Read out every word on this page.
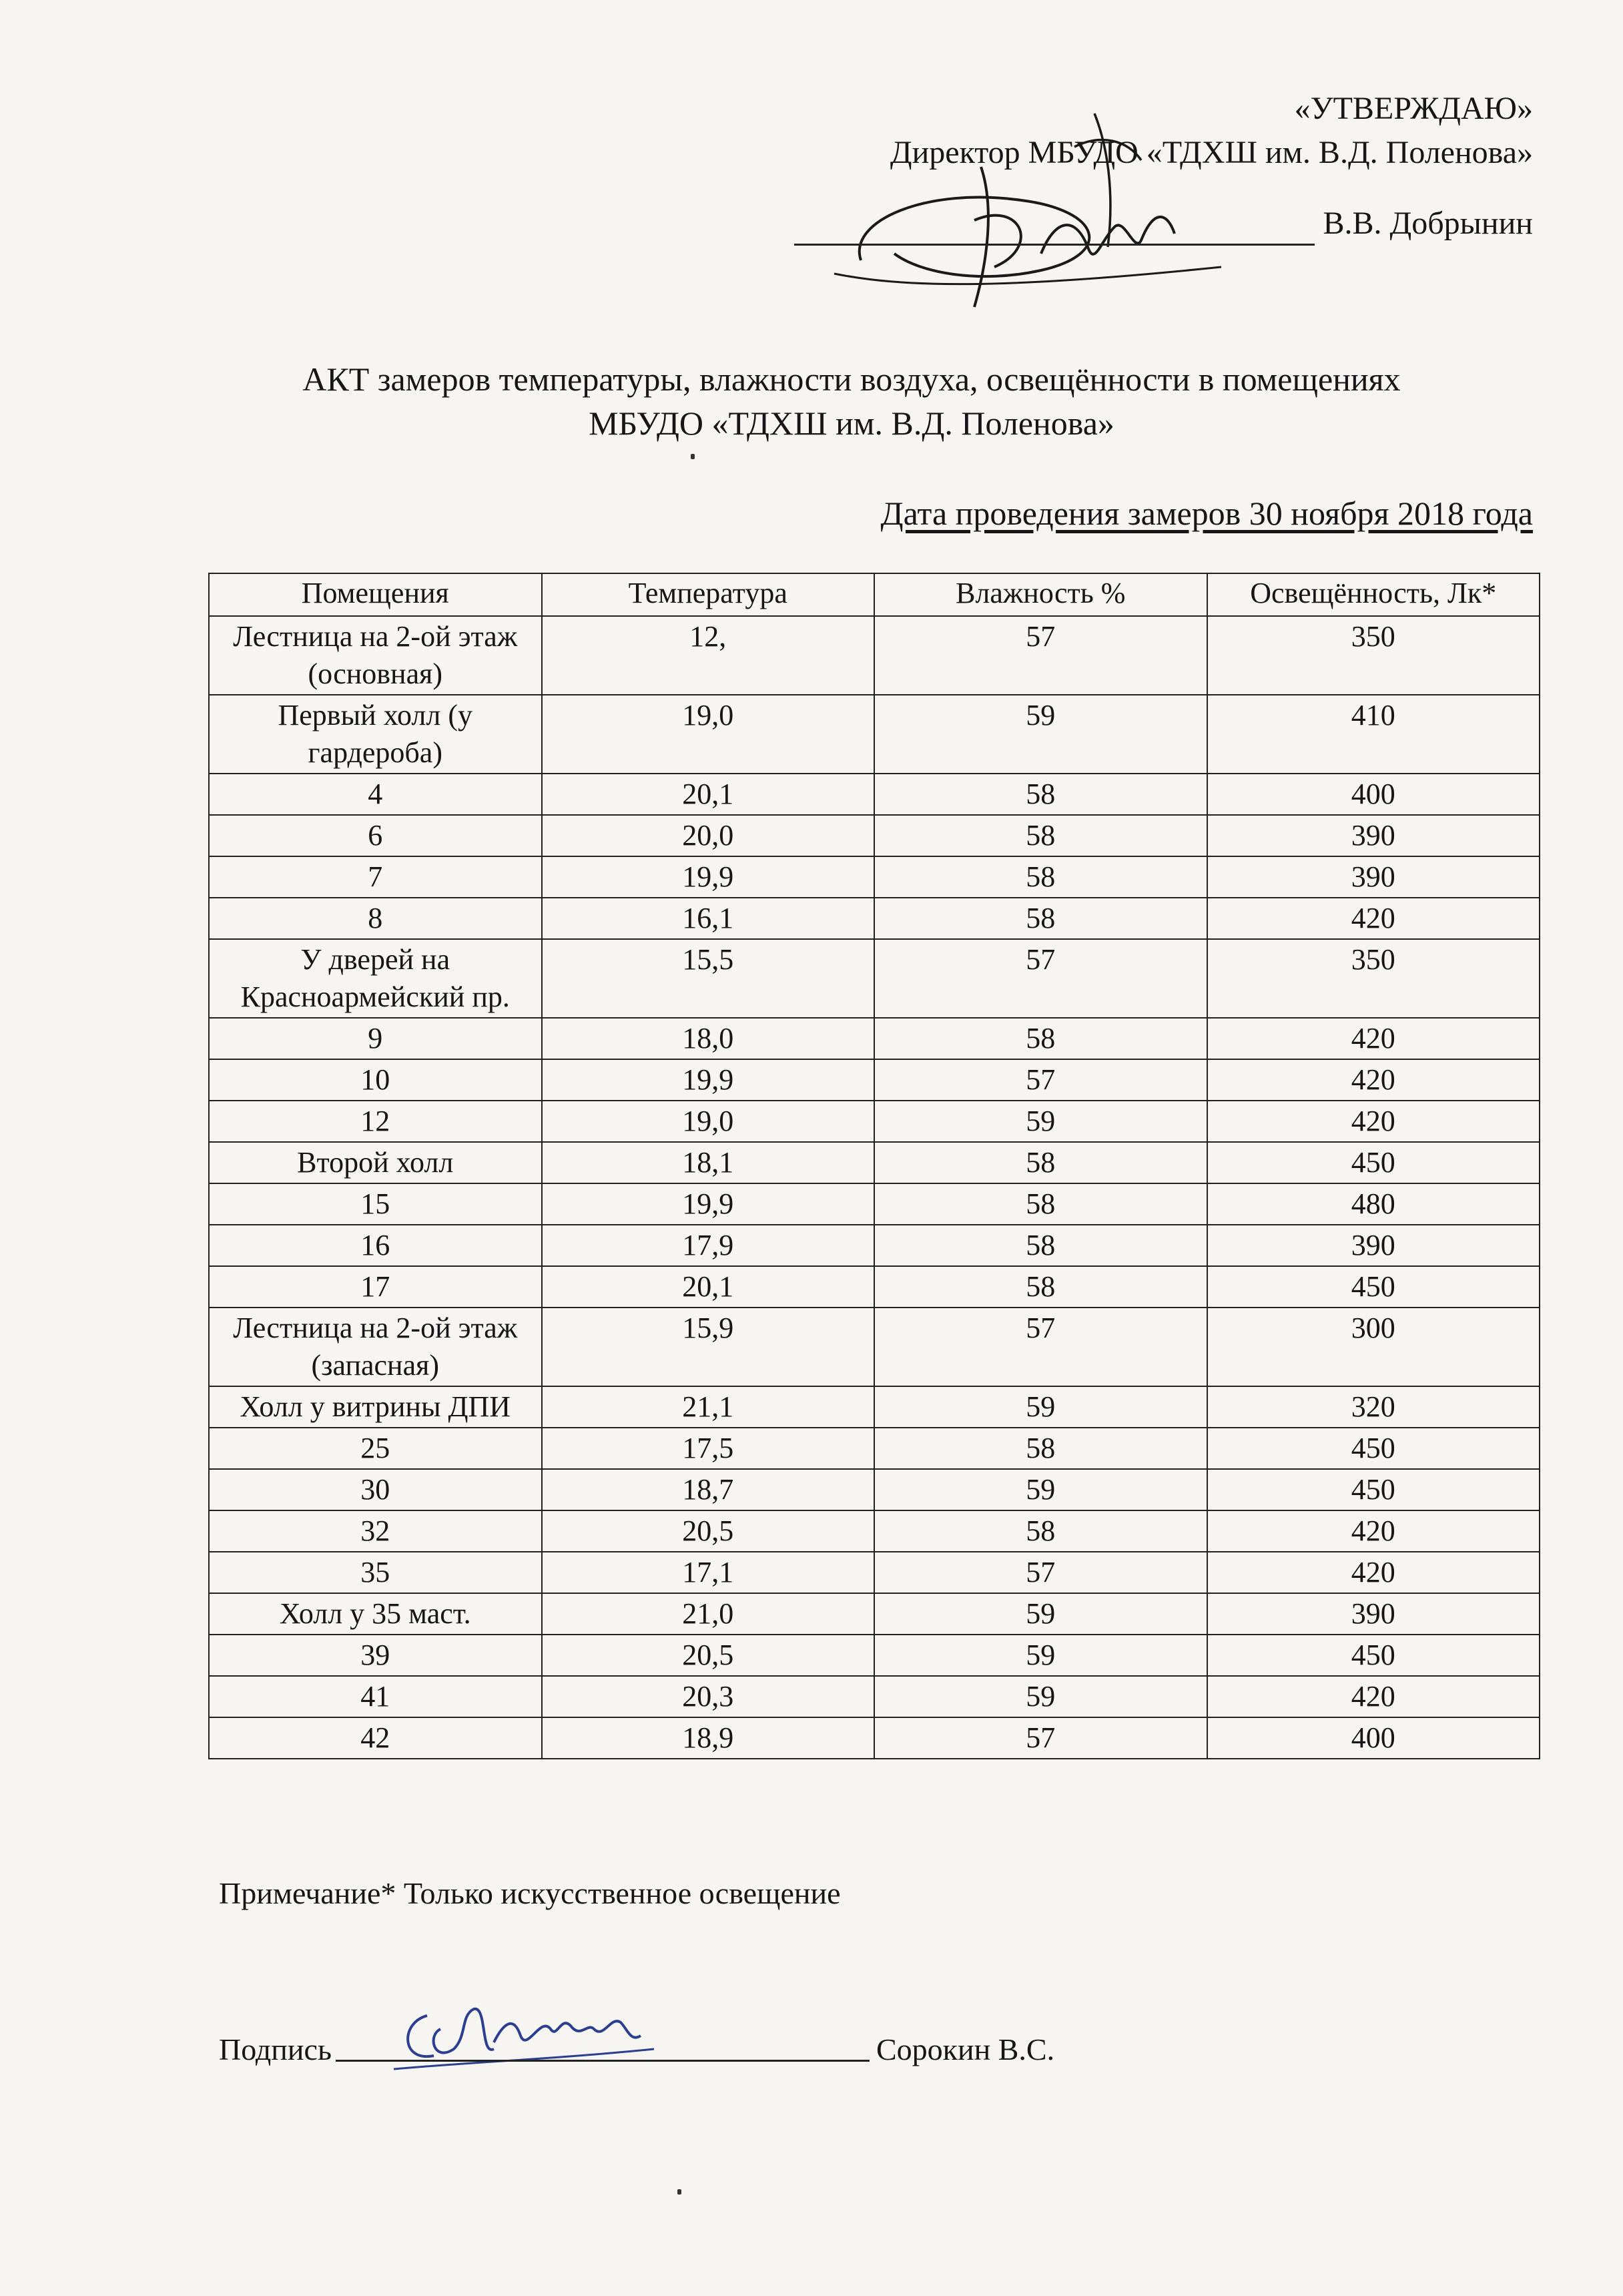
«УТВЕРЖДАЮ»
Директор МБУДО «ТДХШ им. В.Д. Поленова»
В.В. Добрынин
АКТ замеров температуры, влажности воздуха, освещённости в помещениях
МБУДО «ТДХШ им. В.Д. Поленова»
Дата проведения замеров 30 ноября 2018 года
Помещения	Температура	Влажность %	Освещённость, Лк*
Лестница на 2-ой этаж (основная)	12,	57	350
Первый холл (у гардероба)	19,0	59	410
4	20,1	58	400
6	20,0	58	390
7	19,9	58	390
8	16,1	58	420
У дверей на Красноармейский пр.	15,5	57	350
9	18,0	58	420
10	19,9	57	420
12	19,0	59	420
Второй холл	18,1	58	450
15	19,9	58	480
16	17,9	58	390
17	20,1	58	450
Лестница на 2-ой этаж (запасная)	15,9	57	300
Холл у витрины ДПИ	21,1	59	320
25	17,5	58	450
30	18,7	59	450
32	20,5	58	420
35	17,1	57	420
Холл у 35 маст.	21,0	59	390
39	20,5	59	450
41	20,3	59	420
42	18,9	57	400
Примечание* Только искусственное освещение
Подпись	Сорокин В.С.
